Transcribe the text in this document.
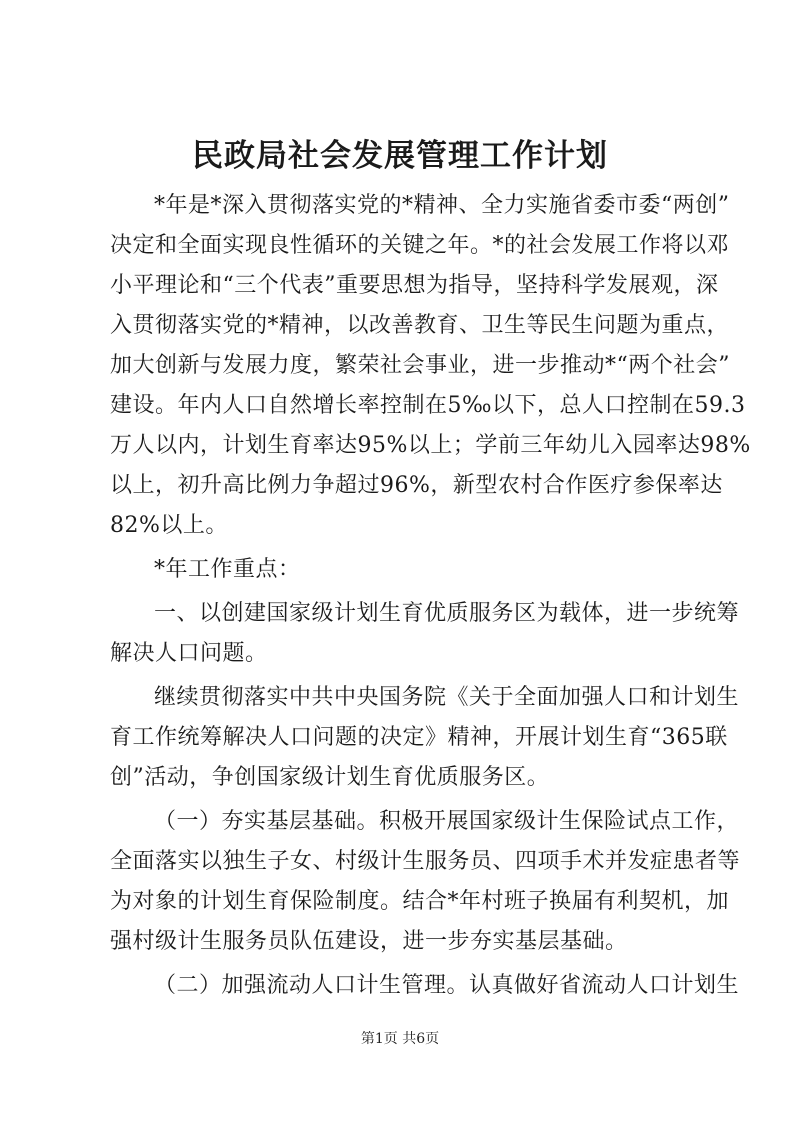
民政局社会发展管理工作计划
*年是*深入贯彻落实党的*精神、全力实施省委市委“两创”
决定和全面实现良性循环的关键之年。*的社会发展工作将以邓
小平理论和“三个代表”重要思想为指导，坚持科学发展观，深
入贯彻落实党的*精神，以改善教育、卫生等民生问题为重点，
加大创新与发展力度，繁荣社会事业，进一步推动*“两个社会”
建设。年内人口自然增长率控制在5‰以下，总人口控制在59.3
万人以内，计划生育率达95%以上；学前三年幼儿入园率达98%
以上，初升高比例力争超过96%，新型农村合作医疗参保率达
82%以上。
*年工作重点：
一、以创建国家级计划生育优质服务区为载体，进一步统筹
解决人口问题。
继续贯彻落实中共中央国务院《关于全面加强人口和计划生
育工作统筹解决人口问题的决定》精神，开展计划生育“365联
创”活动，争创国家级计划生育优质服务区。
（一）夯实基层基础。积极开展国家级计生保险试点工作，
全面落实以独生子女、村级计生服务员、四项手术并发症患者等
为对象的计划生育保险制度。结合*年村班子换届有利契机，加
强村级计生服务员队伍建设，进一步夯实基层基础。
（二）加强流动人口计生管理。认真做好省流动人口计划生
第1页 共6页
